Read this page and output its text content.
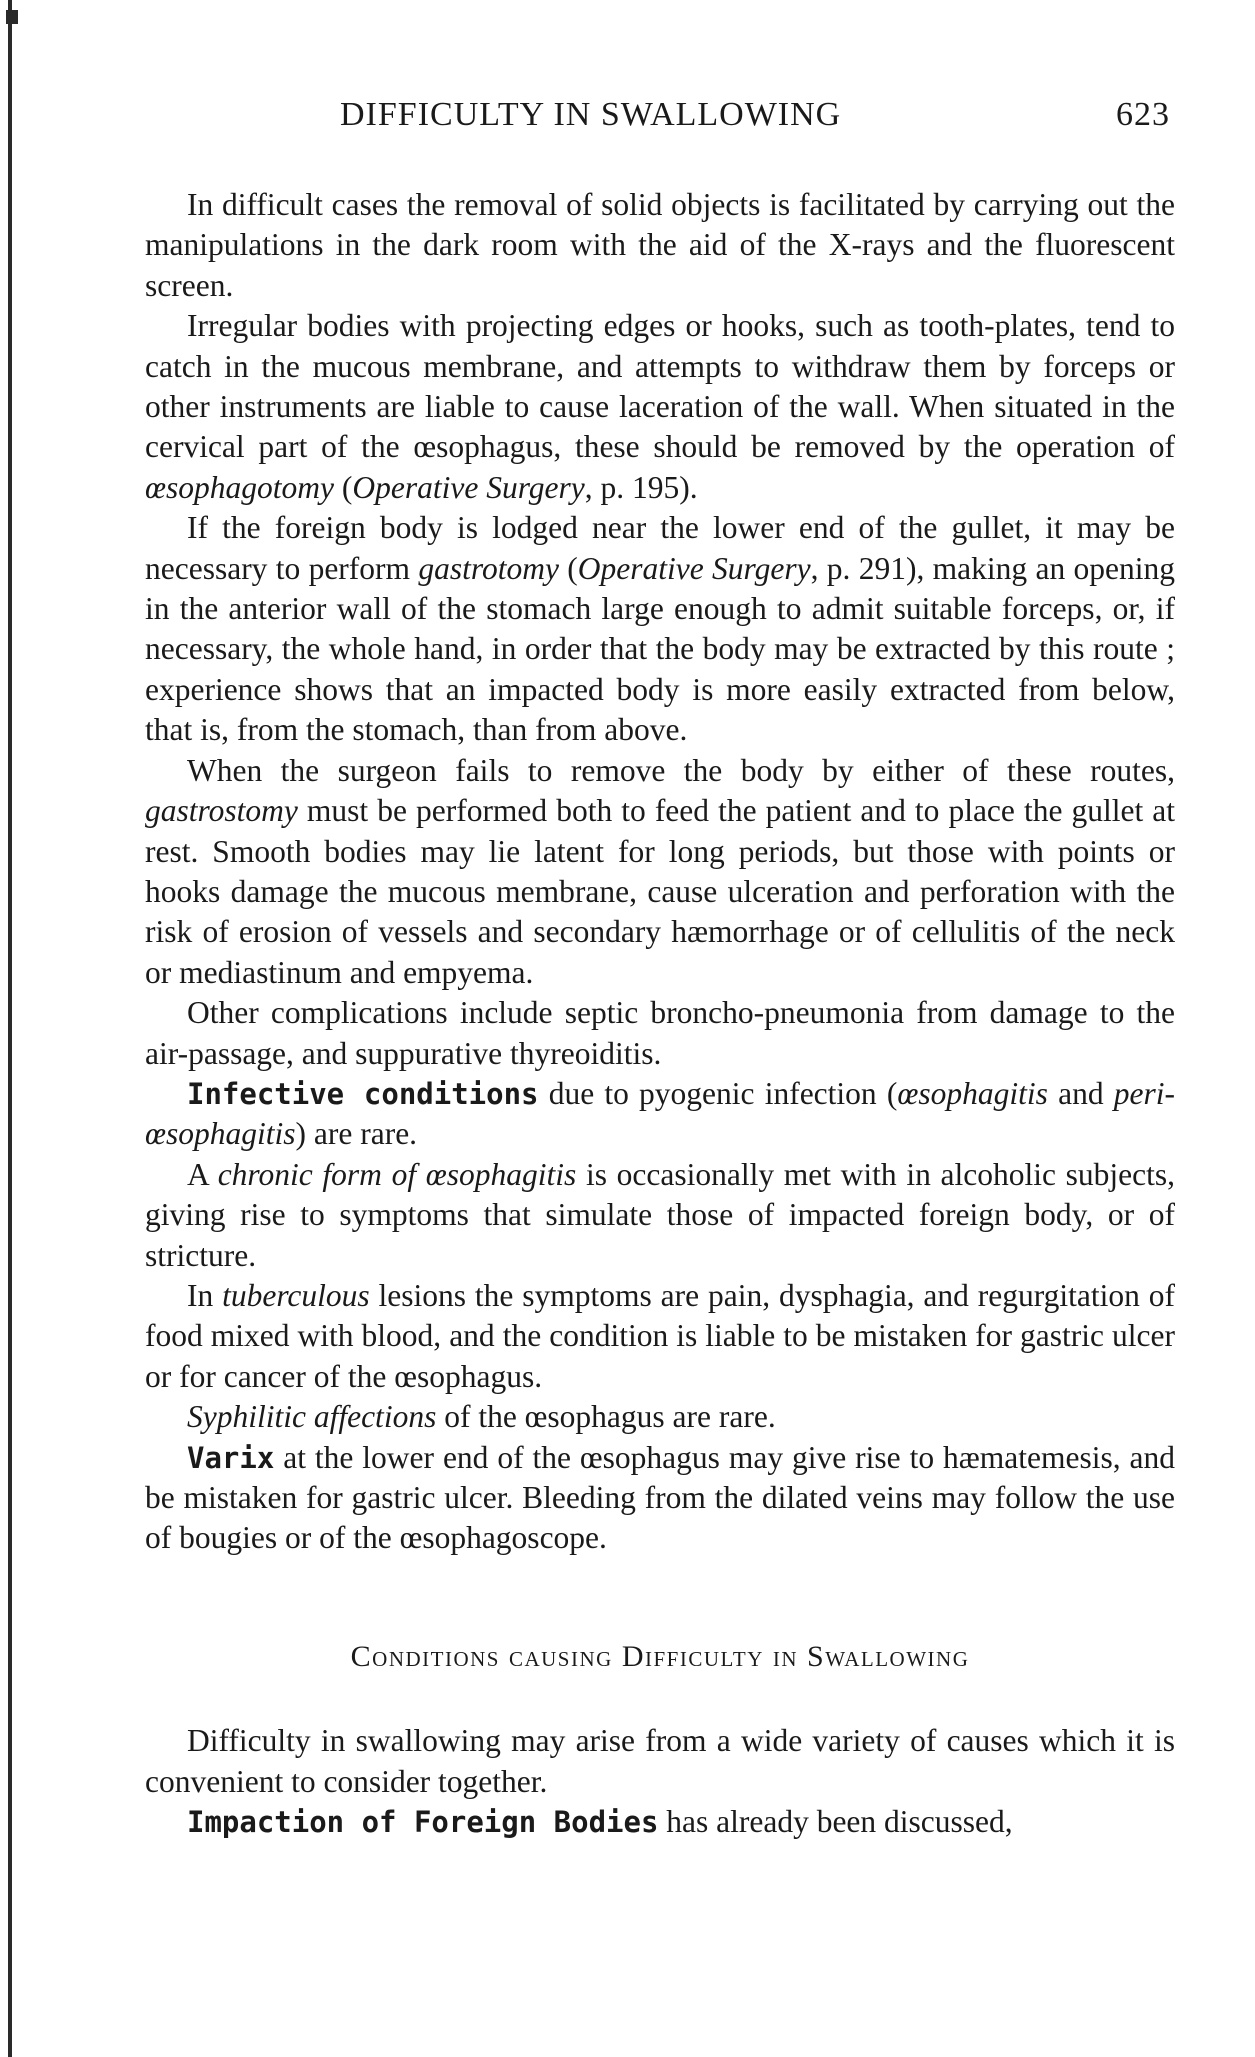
DIFFICULTY IN SWALLOWING	623

In difficult cases the removal of solid objects is facilitated by carrying out the manipulations in the dark room with the aid of the X-rays and the fluorescent screen.

Irregular bodies with projecting edges or hooks, such as tooth-plates, tend to catch in the mucous membrane, and attempts to withdraw them by forceps or other instruments are liable to cause laceration of the wall. When situated in the cervical part of the œsophagus, these should be removed by the operation of œsophagotomy (Operative Surgery, p. 195).

If the foreign body is lodged near the lower end of the gullet, it may be necessary to perform gastrotomy (Operative Surgery, p. 291), making an opening in the anterior wall of the stomach large enough to admit suitable forceps, or, if necessary, the whole hand, in order that the body may be extracted by this route ; experience shows that an impacted body is more easily extracted from below, that is, from the stomach, than from above.

When the surgeon fails to remove the body by either of these routes, gastrostomy must be performed both to feed the patient and to place the gullet at rest. Smooth bodies may lie latent for long periods, but those with points or hooks damage the mucous membrane, cause ulceration and perforation with the risk of erosion of vessels and secondary hæmorrhage or of cellulitis of the neck or mediastinum and empyema.

Other complications include septic broncho-pneumonia from damage to the air-passage, and suppurative thyreoiditis.

Infective conditions due to pyogenic infection (œsophagitis and peri-œsophagitis) are rare.

A chronic form of œsophagitis is occasionally met with in alcoholic subjects, giving rise to symptoms that simulate those of impacted foreign body, or of stricture.

In tuberculous lesions the symptoms are pain, dysphagia, and regurgitation of food mixed with blood, and the condition is liable to be mistaken for gastric ulcer or for cancer of the œsophagus.

Syphilitic affections of the œsophagus are rare.

Varix at the lower end of the œsophagus may give rise to hæmatemesis, and be mistaken for gastric ulcer. Bleeding from the dilated veins may follow the use of bougies or of the œsophagoscope.

Conditions causing Difficulty in Swallowing

Difficulty in swallowing may arise from a wide variety of causes which it is convenient to consider together.

Impaction of Foreign Bodies has already been discussed,
